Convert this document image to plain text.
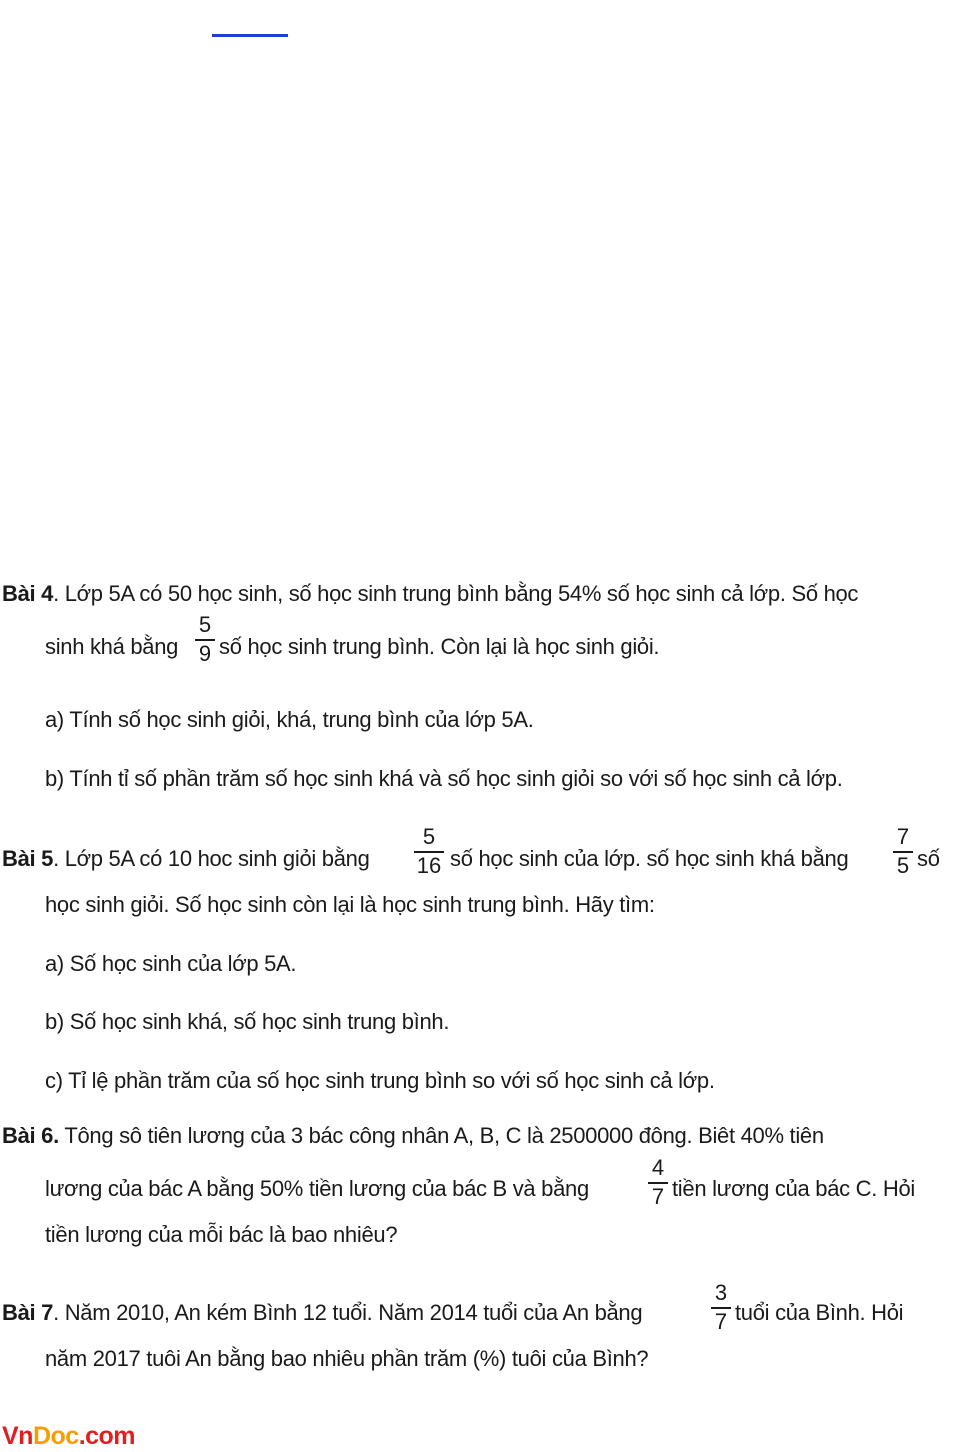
Bài 4. Lớp 5A có 50 học sinh, số học sinh trung bình bằng 54% số học sinh cả lớp. Số học
sinh khá bằng
5
9 số học sinh trung bình. Còn lại là học sinh giỏi.
a) Tính số học sinh giỏi, khá, trung bình của lớp 5A.
b) Tính tỉ số phần trăm số học sinh khá và số học sinh giỏi so với số học sinh cả lớp.
Bài 5. Lớp 5A có 10 hoc sinh giỏi bằng
5
16 số học sinh của lớp. số học sinh khá bằng
7
5 số
học sinh giỏi. Số học sinh còn lại là học sinh trung bình. Hãy tìm:
a) Số học sinh của lớp 5A.
b) Số học sinh khá, số học sinh trung bình.
c) Tỉ lệ phần trăm của số học sinh trung bình so với số học sinh cả lớp.
Bài 6. Tông sô tiên lương của 3 bác công nhân A, B, C là 2500000 đông. Biêt 40% tiên
lương của bác A bằng 50% tiền lương của bác B và bằng
4
7 tiền lương của bác C. Hỏi
tiền lương của mỗi bác là bao nhiêu?
Bài 7. Năm 2010, An kém Bình 12 tuổi. Năm 2014 tuổi của An bằng
3
7 tuổi của Bình. Hỏi
năm 2017 tuôi An bằng bao nhiêu phần trăm (%) tuôi của Bình?
VnDoc.com
